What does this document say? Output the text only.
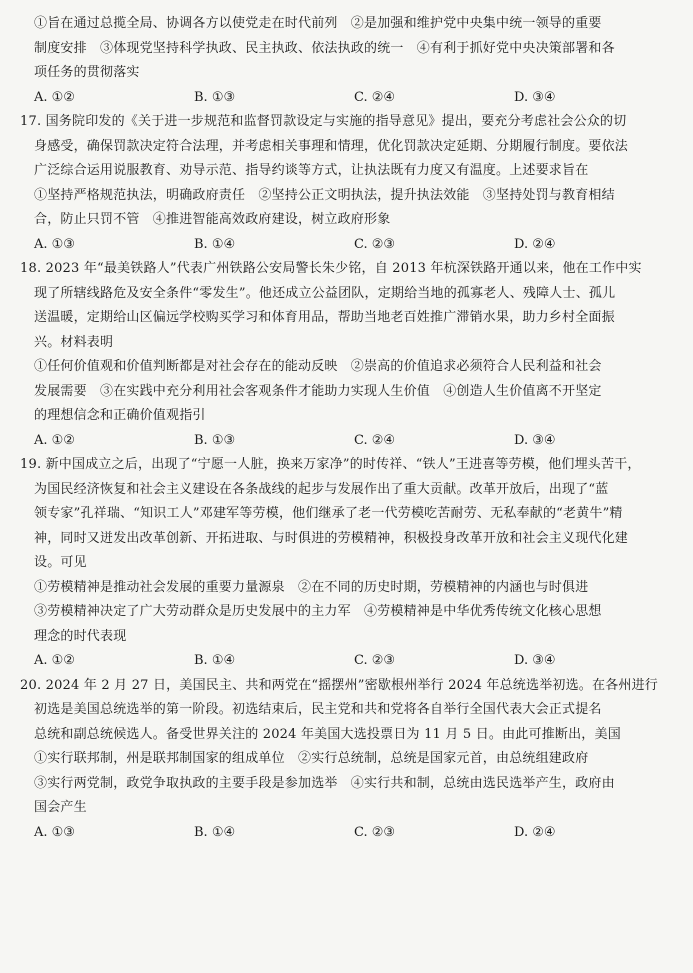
①旨在通过总揽全局、协调各方以使党走在时代前列　②是加强和维护党中央集中统一领导的重要
制度安排　③体现党坚持科学执政、民主执政、依法执政的统一　④有利于抓好党中央决策部署和各
项任务的贯彻落实
A. ①②	B. ①③	C. ②④	D. ③④
17. 国务院印发的《关于进一步规范和监督罚款设定与实施的指导意见》提出，要充分考虑社会公众的切
身感受，确保罚款决定符合法理，并考虑相关事理和情理，优化罚款决定延期、分期履行制度。要依法
广泛综合运用说服教育、劝导示范、指导约谈等方式，让执法既有力度又有温度。上述要求旨在
①坚持严格规范执法，明确政府责任　②坚持公正文明执法，提升执法效能　③坚持处罚与教育相结
合，防止只罚不管　④推进智能高效政府建设，树立政府形象
A. ①③	B. ①④	C. ②③	D. ②④
18. 2023 年“最美铁路人”代表广州铁路公安局警长朱少铭，自 2013 年杭深铁路开通以来，他在工作中实
现了所辖线路危及安全条件“零发生”。他还成立公益团队，定期给当地的孤寡老人、残障人士、孤儿
送温暖，定期给山区偏远学校购买学习和体育用品，帮助当地老百姓推广滞销水果，助力乡村全面振
兴。材料表明
①任何价值观和价值判断都是对社会存在的能动反映　②崇高的价值追求必须符合人民利益和社会
发展需要　③在实践中充分利用社会客观条件才能助力实现人生价值　④创造人生价值离不开坚定
的理想信念和正确价值观指引
A. ①②	B. ①③	C. ②④	D. ③④
19. 新中国成立之后，出现了“宁愿一人脏，换来万家净”的时传祥、“铁人”王进喜等劳模，他们埋头苦干，
为国民经济恢复和社会主义建设在各条战线的起步与发展作出了重大贡献。改革开放后，出现了“蓝
领专家”孔祥瑞、“知识工人”邓建军等劳模，他们继承了老一代劳模吃苦耐劳、无私奉献的“老黄牛”精
神，同时又迸发出改革创新、开拓进取、与时俱进的劳模精神，积极投身改革开放和社会主义现代化建
设。可见
①劳模精神是推动社会发展的重要力量源泉　②在不同的历史时期，劳模精神的内涵也与时俱进
③劳模精神决定了广大劳动群众是历史发展中的主力军　④劳模精神是中华优秀传统文化核心思想
理念的时代表现
A. ①②	B. ①④	C. ②③	D. ③④
20. 2024 年 2 月 27 日，美国民主、共和两党在“摇摆州”密歇根州举行 2024 年总统选举初选。在各州进行
初选是美国总统选举的第一阶段。初选结束后，民主党和共和党将各自举行全国代表大会正式提名
总统和副总统候选人。备受世界关注的 2024 年美国大选投票日为 11 月 5 日。由此可推断出，美国
①实行联邦制，州是联邦制国家的组成单位　②实行总统制，总统是国家元首，由总统组建政府
③实行两党制，政党争取执政的主要手段是参加选举　④实行共和制，总统由选民选举产生，政府由
国会产生
A. ①③	B. ①④	C. ②③	D. ②④
